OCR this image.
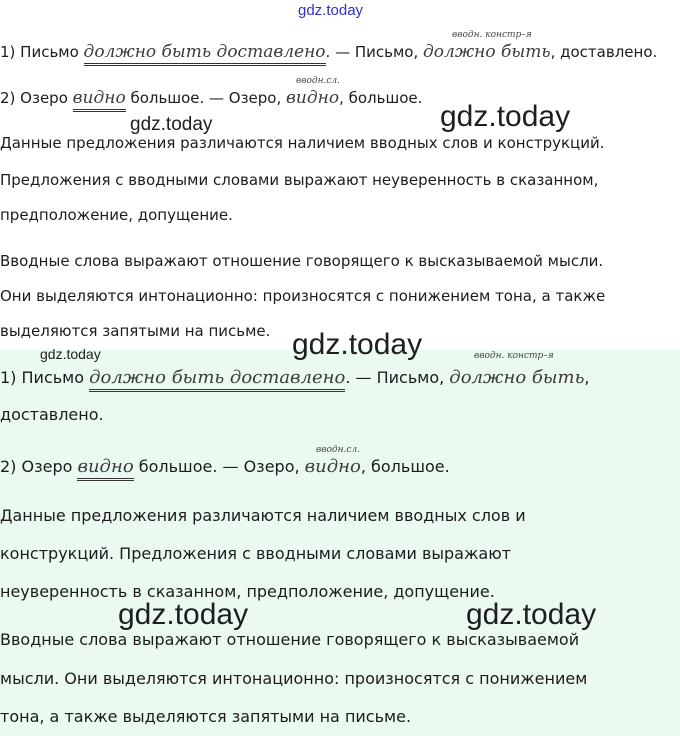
gdz.today
вводн. констр–я
1) Письмо должно быть доставлено. — Письмо, должно быть, доставлено.
вводн.сл.
2) Озеро видно большое. — Озеро, видно, большое.
gdz.today	gdz.today
Данные предложения различаются наличием вводных слов и конструкций.
Предложения с вводными словами выражают неуверенность в сказанном,
предположение, допущение.
Вводные слова выражают отношение говорящего к высказываемой мысли.
Они выделяются интонационно: произносятся с понижением тона, а также
выделяются запятыми на письме.
gdz.today	gdz.today	вводн. констр–я
1) Письмо должно быть доставлено. — Письмо, должно быть,
доставлено.
вводн.сл.
2) Озеро видно большое. — Озеро, видно, большое.
Данные предложения различаются наличием вводных слов и
конструкций. Предложения с вводными словами выражают
неуверенность в сказанном, предположение, допущение.
gdz.today	gdz.today
Вводные слова выражают отношение говорящего к высказываемой
мысли. Они выделяются интонационно: произносятся с понижением
тона, а также выделяются запятыми на письме.
